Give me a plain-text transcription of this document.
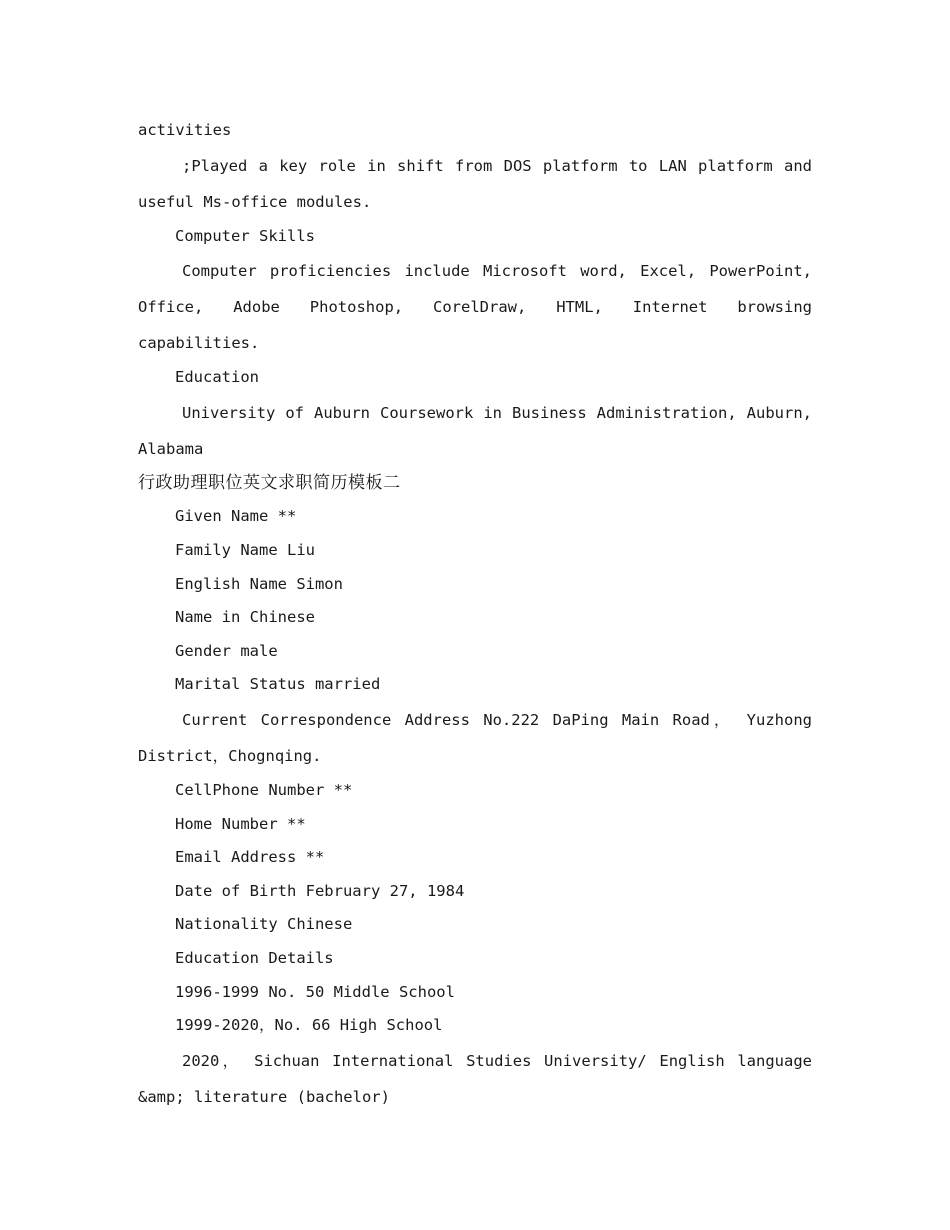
activities

;Played a key role in shift from DOS platform to LAN platform and useful Ms-office modules.

Computer Skills

Computer proficiencies include Microsoft word, Excel, PowerPoint, Office, Adobe Photoshop, CorelDraw, HTML, Internet browsing capabilities.

Education

University of Auburn Coursework in Business Administration, Auburn, Alabama

行政助理职位英文求职简历模板二

Given Name **

Family Name Liu

English Name Simon

Name in Chinese

Gender male

Marital Status married

Current Correspondence Address No.222 DaPing Main Road， Yuzhong District，Chognqing.

CellPhone Number **

Home Number **

Email Address **

Date of Birth February 27, 1984

Nationality Chinese

Education Details

1996-1999 No. 50 Middle School

1999-2020，No. 66 High School

2020， Sichuan International Studies University/ English language &amp; literature (bachelor)
